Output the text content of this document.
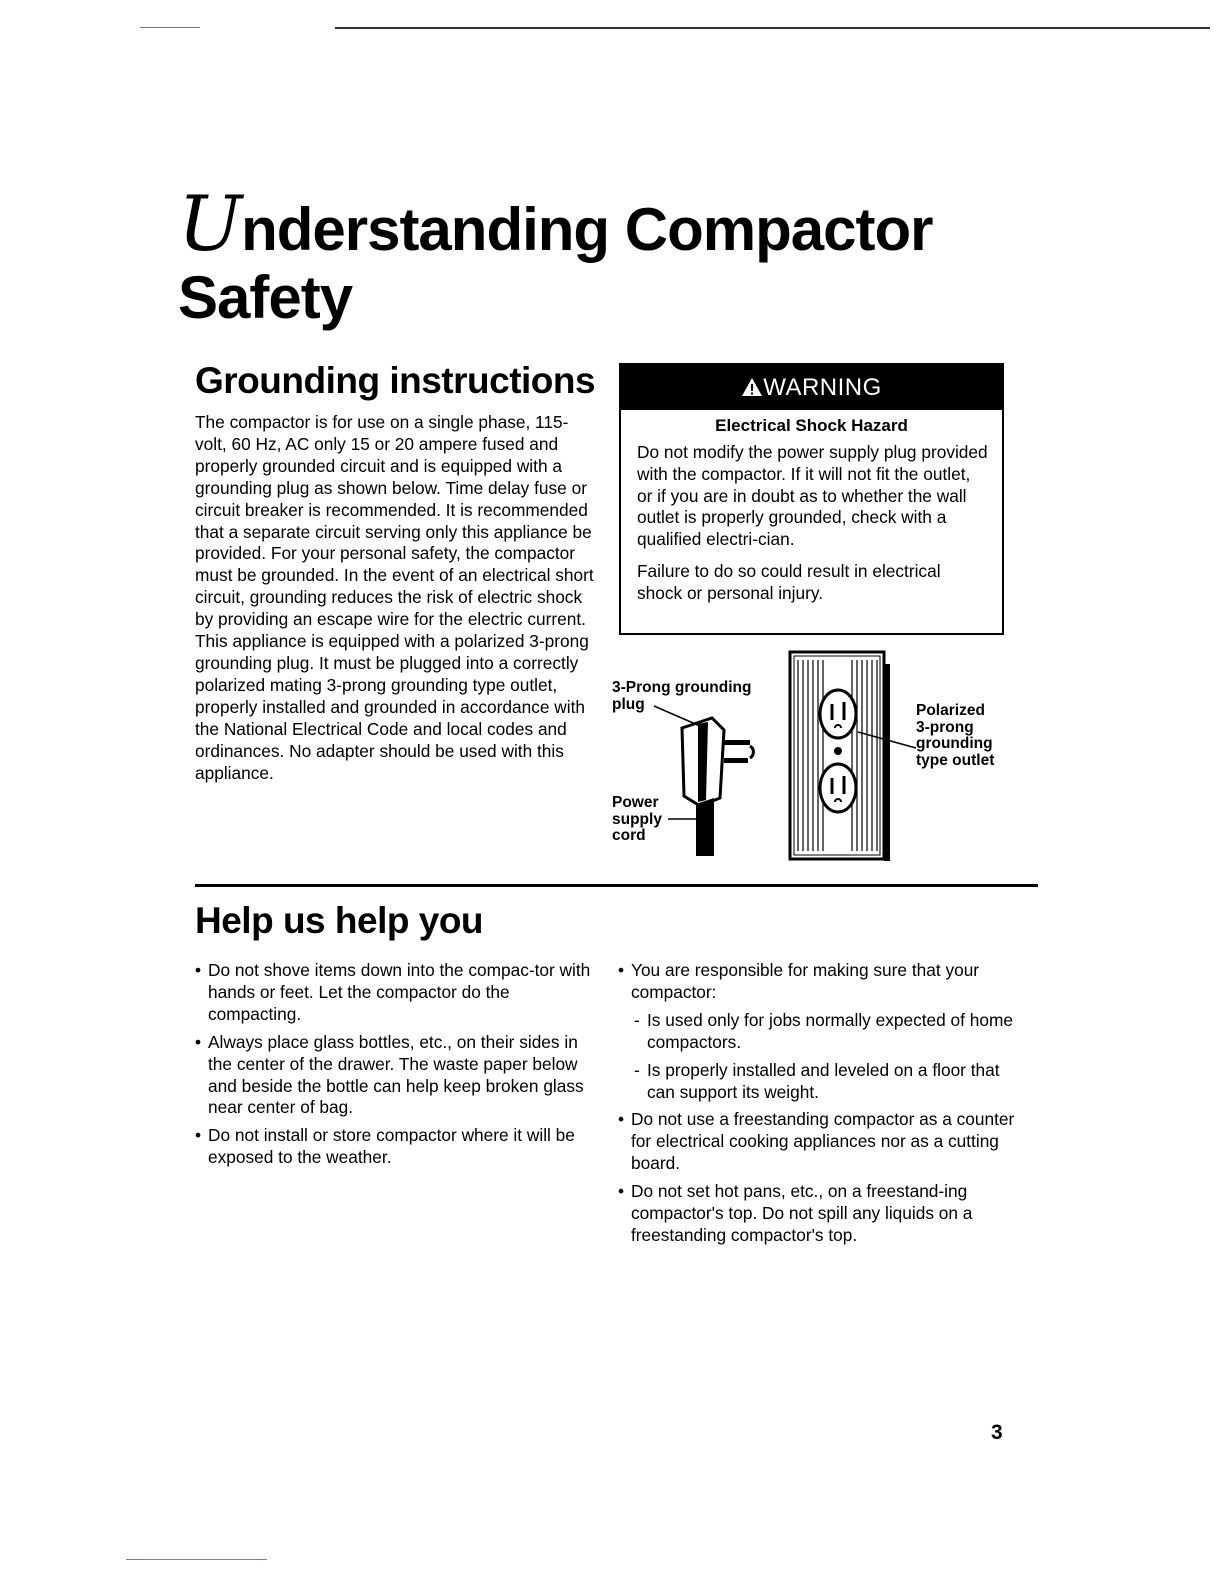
Understanding Compactor
Safety
Grounding instructions

The compactor is for use on a single phase, 115-volt, 60 Hz, AC only 15 or 20 ampere fused and properly grounded circuit and is equipped with a grounding plug as shown below. Time delay fuse or circuit breaker is recommended. It is recommended that a separate circuit serving only this appliance be provided. For your personal safety, the compactor must be grounded. In the event of an electrical short circuit, grounding reduces the risk of electric shock by providing an escape wire for the electric current. This appliance is equipped with a polarized 3-prong grounding plug. It must be plugged into a correctly polarized mating 3-prong grounding type outlet, properly installed and grounded in accordance with the National Electrical Code and local codes and ordinances. No adapter should be used with this appliance.

WARNING
Electrical Shock Hazard

Do not modify the power supply plug provided with the compactor. If it will not fit the outlet, or if you are in doubt as to whether the wall outlet is properly grounded, check with a qualified electri-cian.

Failure to do so could result in electrical shock or personal injury.

3-Prong grounding
plug
Power
supply
cord
Polarized
3-prong
grounding
type outlet
Help us help you
• Do not shove items down into the compac-tor with hands or feet. Let the compactor do the compacting.
• Always place glass bottles, etc., on their sides in the center of the drawer. The waste paper below and beside the bottle can help keep broken glass near center of bag.
• Do not install or store compactor where it will be exposed to the weather.
• You are responsible for making sure that your compactor:
- Is used only for jobs normally expected of home compactors.
- Is properly installed and leveled on a floor that can support its weight.
• Do not use a freestanding compactor as a counter for electrical cooking appliances nor as a cutting board.
• Do not set hot pans, etc., on a freestand-ing compactor's top. Do not spill any liquids on a freestanding compactor's top.
3
